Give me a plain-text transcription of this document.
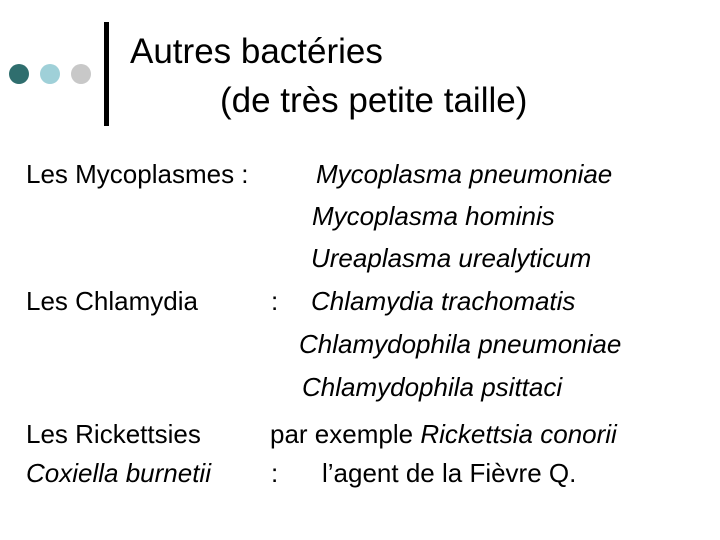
Autres bactéries
(de très petite taille)
Les Mycoplasmes :	Mycoplasma pneumoniae
Mycoplasma hominis
Ureaplasma urealyticum
Les Chlamydia	: Chlamydia trachomatis
Chlamydophila pneumoniae
Chlamydophila psittaci
Les Rickettsies	par exemple Rickettsia conorii
Coxiella burnetii : l’agent de la Fièvre Q.
